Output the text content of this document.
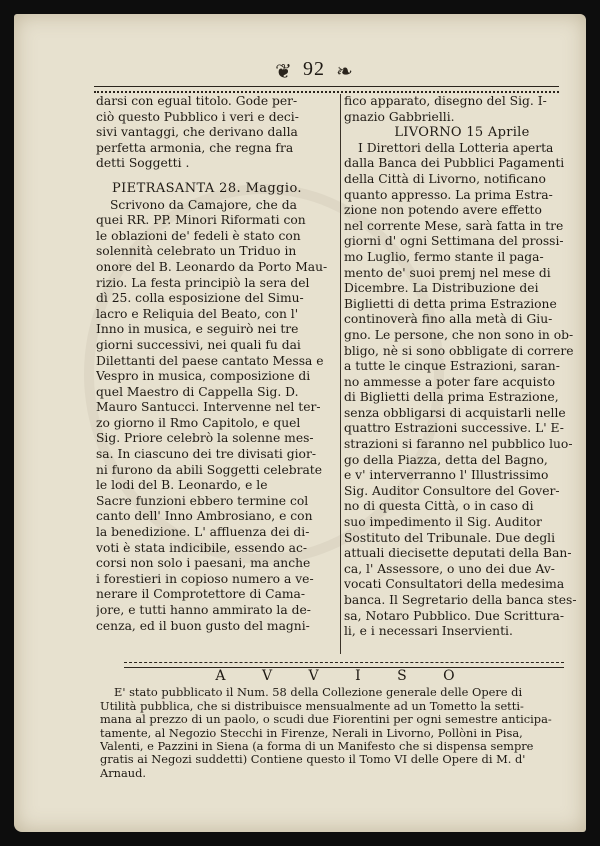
❦ 92 ❧
darsi con egual titolo. Gode per-
ciò questo Pubblico i veri e deci-
sivi vantaggi, che derivano dalla
perfetta armonia, che regna fra
detti Soggetti .
PIETRASANTA 28. Maggio.
Scrivono da Camajore, che da
quei RR. PP. Minori Riformati con
le oblazioni de' fedeli è stato con
solennità celebrato un Triduo in
onore del B. Leonardo da Porto Mau-
rizio. La festa principiò la sera del
dì 25. colla esposizione del Simu-
lacro e Reliquia del Beato, con l'
Inno in musica, e seguirò nei tre
giorni successivi, nei quali fu dai
Dilettanti del paese cantato Messa e
Vespro in musica, composizione di
quel Maestro di Cappella Sig. D.
Mauro Santucci. Intervenne nel ter-
zo giorno il Rmo Capitolo, e quel
Sig. Priore celebrò la solenne mes-
sa. In ciascuno dei tre divisati gior-
ni furono da abili Soggetti celebrate
le lodi del B. Leonardo, e le
Sacre funzioni ebbero termine col
canto dell' Inno Ambrosiano, e con
la benedizione. L' affluenza dei di-
voti è stata indicibile, essendo ac-
corsi non solo i paesani, ma anche
i forestieri in copioso numero a ve-
nerare il Comprotettore di Cama-
jore, e tutti hanno ammirato la de-
cenza, ed il buon gusto del magni-
fico apparato, disegno del Sig. I-
gnazio Gabbrielli.
LIVORNO 15 Aprile
I Direttori della Lotteria aperta
dalla Banca dei Pubblici Pagamenti
della Città di Livorno, notificano
quanto appresso. La prima Estra-
zione non potendo avere effetto
nel corrente Mese, sarà fatta in tre
giorni d' ogni Settimana del prossi-
mo Luglio, fermo stante il paga-
mento de' suoi premj nel mese di
Dicembre. La Distribuzione dei
Biglietti di detta prima Estrazione
continoverà fino alla metà di Giu-
gno. Le persone, che non sono in ob-
bligo, nè si sono obbligate di correre
a tutte le cinque Estrazioni, saran-
no ammesse a poter fare acquisto
di Biglietti della prima Estrazione,
senza obbligarsi di acquistarli nelle
quattro Estrazioni successive. L' E-
strazioni si faranno nel pubblico luo-
go della Piazza, detta del Bagno,
e v' interverranno l' Illustrissimo
Sig. Auditor Consultore del Gover-
no di questa Città, o in caso di
suo impedimento il Sig. Auditor
Sostituto del Tribunale. Due degli
attuali diecisette deputati della Ban-
ca, l' Assessore, o uno dei due Av-
vocati Consultatori della medesima
banca. Il Segretario della banca stes-
sa, Notaro Pubblico. Due Scrittura-
li, e i necessari Inservienti.
A V V I S O
E' stato pubblicato il Num. 58 della Collezione generale delle Opere di
Utilità pubblica, che si distribuisce mensualmente ad un Tometto la setti-
mana al prezzo di un paolo, o scudi due Fiorentini per ogni semestre anticipa-
tamente, al Negozio Stecchi in Firenze, Nerali in Livorno, Pollòni in Pisa,
Valenti, e Pazzini in Siena (a forma di un Manifesto che si dispensa sempre
gratis ai Negozi suddetti) Contiene questo il Tomo VI delle Opere di M. d'
Arnaud.
